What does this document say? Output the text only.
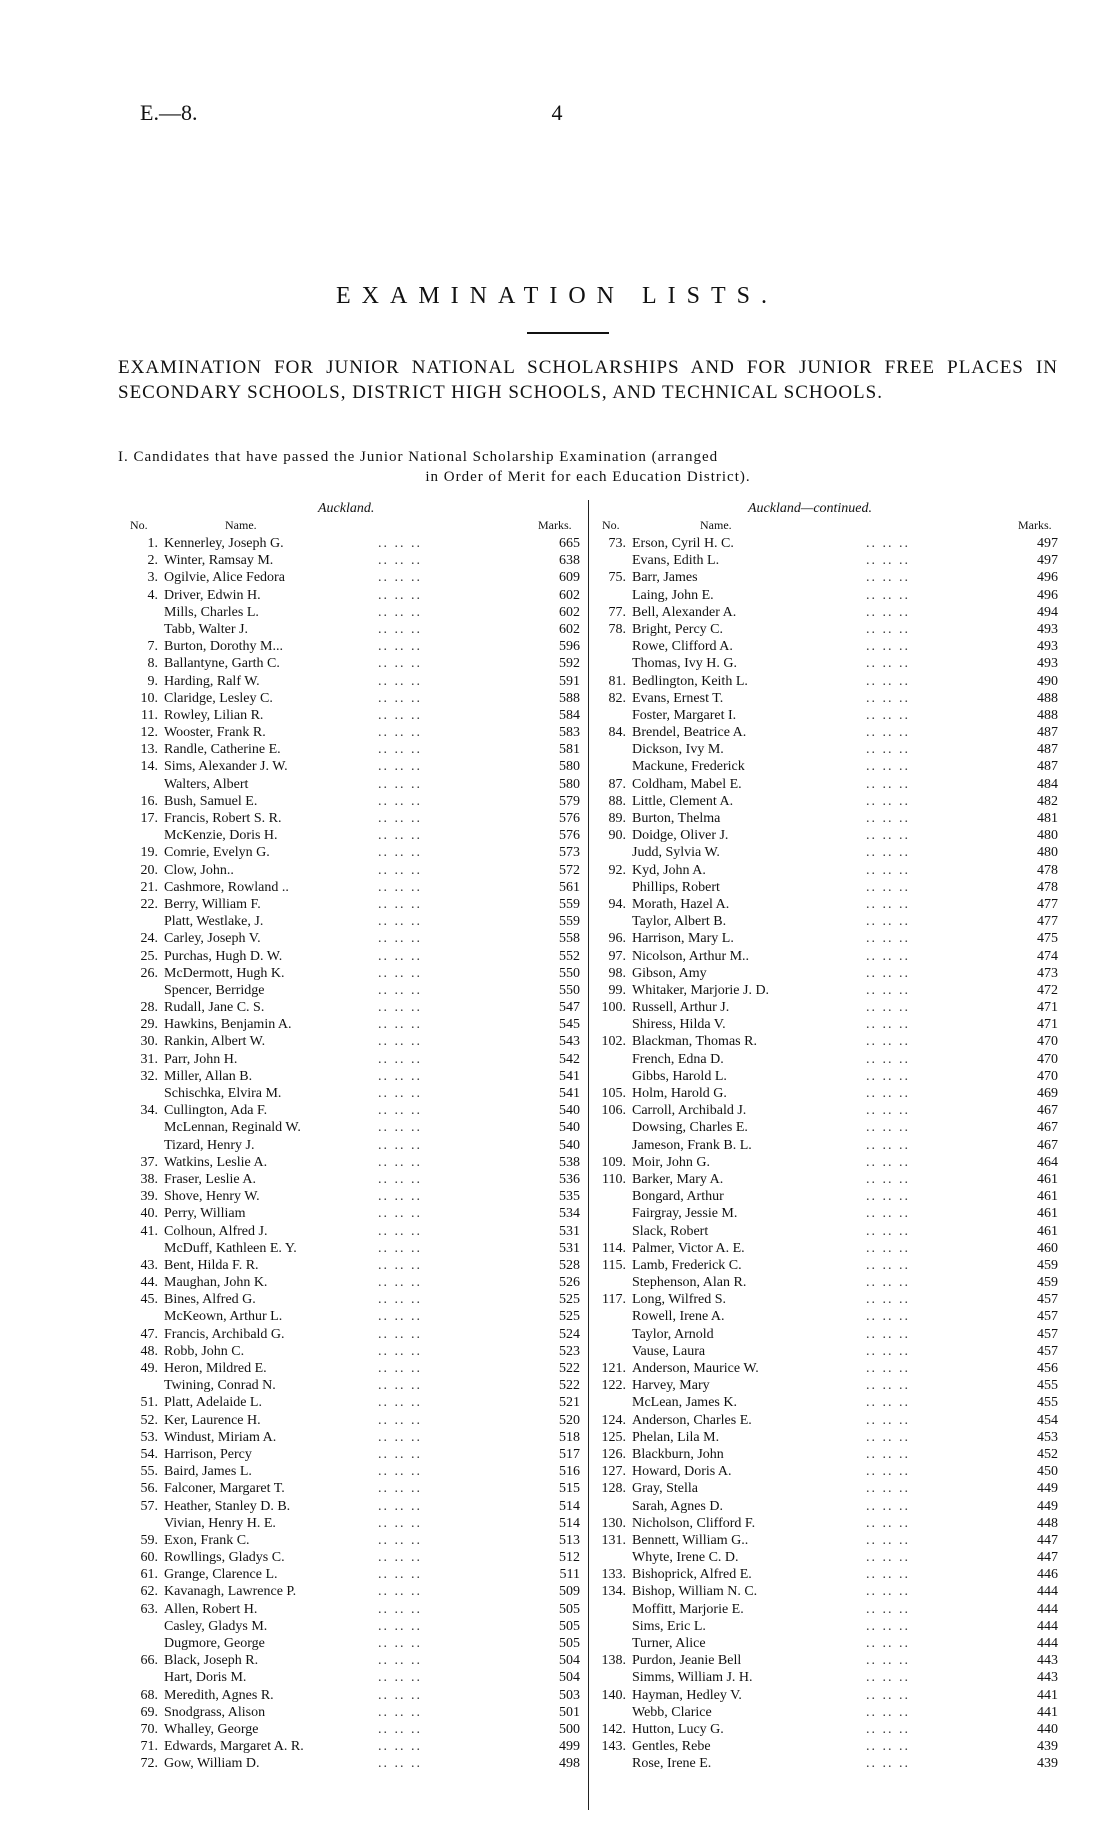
E.—8.	4
EXAMINATION LISTS.
EXAMINATION FOR JUNIOR NATIONAL SCHOLARSHIPS AND FOR JUNIOR FREE PLACES IN SECONDARY SCHOOLS, DISTRICT HIGH SCHOOLS, AND TECHNICAL SCHOOLS.
I. Candidates that have passed the Junior National Scholarship Examination (arranged
in Order of Merit for each Education District).
Auckland.	Auckland—continued.
No.	Name.	Marks.	No.	Name.	Marks.
1. Kennerley, Joseph G.	.. .. ..	665
2. Winter, Ramsay M.	.. .. ..	638
3. Ogilvie, Alice Fedora	.. .. ..	609
4. Driver, Edwin H.	.. .. ..	602
Mills, Charles L.	.. .. ..	602
Tabb, Walter J.	.. .. ..	602
7. Burton, Dorothy M...	.. .. ..	596
8. Ballantyne, Garth C.	.. .. ..	592
9. Harding, Ralf W.	.. .. ..	591
10. Claridge, Lesley C.	.. .. ..	588
11. Rowley, Lilian R.	.. .. ..	584
12. Wooster, Frank R.	.. .. ..	583
13. Randle, Catherine E.	.. .. ..	581
14. Sims, Alexander J. W.	.. .. ..	580
Walters, Albert	.. .. ..	580
16. Bush, Samuel E.	.. .. ..	579
17. Francis, Robert S. R.	.. .. ..	576
McKenzie, Doris H.	.. .. ..	576
19. Comrie, Evelyn G.	.. .. ..	573
20. Clow, John..	.. .. ..	572
21. Cashmore, Rowland ..	.. .. ..	561
22. Berry, William F.	.. .. ..	559
Platt, Westlake, J.	.. .. ..	559
24. Carley, Joseph V.	.. .. ..	558
25. Purchas, Hugh D. W.	.. .. ..	552
26. McDermott, Hugh K.	.. .. ..	550
Spencer, Berridge	.. .. ..	550
28. Rudall, Jane C. S.	.. .. ..	547
29. Hawkins, Benjamin A.	.. .. ..	545
30. Rankin, Albert W.	.. .. ..	543
31. Parr, John H.	.. .. ..	542
32. Miller, Allan B.	.. .. ..	541
Schischka, Elvira M.	.. .. ..	541
34. Cullington, Ada F.	.. .. ..	540
McLennan, Reginald W.	.. .. ..	540
Tizard, Henry J.	.. .. ..	540
37. Watkins, Leslie A.	.. .. ..	538
38. Fraser, Leslie A.	.. .. ..	536
39. Shove, Henry W.	.. .. ..	535
40. Perry, William	.. .. ..	534
41. Colhoun, Alfred J.	.. .. ..	531
McDuff, Kathleen E. Y.	.. .. ..	531
43. Bent, Hilda F. R.	.. .. ..	528
44. Maughan, John K.	.. .. ..	526
45. Bines, Alfred G.	.. .. ..	525
McKeown, Arthur L.	.. .. ..	525
47. Francis, Archibald G.	.. .. ..	524
48. Robb, John C.	.. .. ..	523
49. Heron, Mildred E.	.. .. ..	522
Twining, Conrad N.	.. .. ..	522
51. Platt, Adelaide L.	.. .. ..	521
52. Ker, Laurence H.	.. .. ..	520
53. Windust, Miriam A.	.. .. ..	518
54. Harrison, Percy	.. .. ..	517
55. Baird, James L.	.. .. ..	516
56. Falconer, Margaret T.	.. .. ..	515
57. Heather, Stanley D. B.	.. .. ..	514
Vivian, Henry H. E.	.. .. ..	514
59. Exon, Frank C.	.. .. ..	513
60. Rowllings, Gladys C.	.. .. ..	512
61. Grange, Clarence L.	.. .. ..	511
62. Kavanagh, Lawrence P.	.. .. ..	509
63. Allen, Robert H.	.. .. ..	505
Casley, Gladys M.	.. .. ..	505
Dugmore, George	.. .. ..	505
66. Black, Joseph R.	.. .. ..	504
Hart, Doris M.	.. .. ..	504
68. Meredith, Agnes R.	.. .. ..	503
69. Snodgrass, Alison	.. .. ..	501
70. Whalley, George	.. .. ..	500
71. Edwards, Margaret A. R.	.. .. ..	499
72. Gow, William D.	.. .. ..	498
73. Erson, Cyril H. C.	.. .. ..	497
Evans, Edith L.	.. .. ..	497
75. Barr, James	.. .. ..	496
Laing, John E.	.. .. ..	496
77. Bell, Alexander A.	.. .. ..	494
78. Bright, Percy C.	.. .. ..	493
Rowe, Clifford A.	.. .. ..	493
Thomas, Ivy H. G.	.. .. ..	493
81. Bedlington, Keith L.	.. .. ..	490
82. Evans, Ernest T.	.. .. ..	488
Foster, Margaret I.	.. .. ..	488
84. Brendel, Beatrice A.	.. .. ..	487
Dickson, Ivy M.	.. .. ..	487
Mackune, Frederick	.. .. ..	487
87. Coldham, Mabel E.	.. .. ..	484
88. Little, Clement A.	.. .. ..	482
89. Burton, Thelma	.. .. ..	481
90. Doidge, Oliver J.	.. .. ..	480
Judd, Sylvia W.	.. .. ..	480
92. Kyd, John A.	.. .. ..	478
Phillips, Robert	.. .. ..	478
94. Morath, Hazel A.	.. .. ..	477
Taylor, Albert B.	.. .. ..	477
96. Harrison, Mary L.	.. .. ..	475
97. Nicolson, Arthur M..	.. .. ..	474
98. Gibson, Amy	.. .. ..	473
99. Whitaker, Marjorie J. D.	.. .. ..	472
100. Russell, Arthur J.	.. .. ..	471
Shiress, Hilda V.	.. .. ..	471
102. Blackman, Thomas R.	.. .. ..	470
French, Edna D.	.. .. ..	470
Gibbs, Harold L.	.. .. ..	470
105. Holm, Harold G.	.. .. ..	469
106. Carroll, Archibald J.	.. .. ..	467
Dowsing, Charles E.	.. .. ..	467
Jameson, Frank B. L.	.. .. ..	467
109. Moir, John G.	.. .. ..	464
110. Barker, Mary A.	.. .. ..	461
Bongard, Arthur	.. .. ..	461
Fairgray, Jessie M.	.. .. ..	461
Slack, Robert	.. .. ..	461
114. Palmer, Victor A. E.	.. .. ..	460
115. Lamb, Frederick C.	.. .. ..	459
Stephenson, Alan R.	.. .. ..	459
117. Long, Wilfred S.	.. .. ..	457
Rowell, Irene A.	.. .. ..	457
Taylor, Arnold	.. .. ..	457
Vause, Laura	.. .. ..	457
121. Anderson, Maurice W.	.. .. ..	456
122. Harvey, Mary	.. .. ..	455
McLean, James K.	.. .. ..	455
124. Anderson, Charles E.	.. .. ..	454
125. Phelan, Lila M.	.. .. ..	453
126. Blackburn, John	.. .. ..	452
127. Howard, Doris A.	.. .. ..	450
128. Gray, Stella	.. .. ..	449
Sarah, Agnes D.	.. .. ..	449
130. Nicholson, Clifford F.	.. .. ..	448
131. Bennett, William G..	.. .. ..	447
Whyte, Irene C. D.	.. .. ..	447
133. Bishoprick, Alfred E.	.. .. ..	446
134. Bishop, William N. C.	.. .. ..	444
Moffitt, Marjorie E.	.. .. ..	444
Sims, Eric L.	.. .. ..	444
Turner, Alice	.. .. ..	444
138. Purdon, Jeanie Bell	.. .. ..	443
Simms, William J. H.	.. .. ..	443
140. Hayman, Hedley V.	.. .. ..	441
Webb, Clarice	.. .. ..	441
142. Hutton, Lucy G.	.. .. ..	440
143. Gentles, Rebe	.. .. ..	439
Rose, Irene E.	.. .. ..	439
